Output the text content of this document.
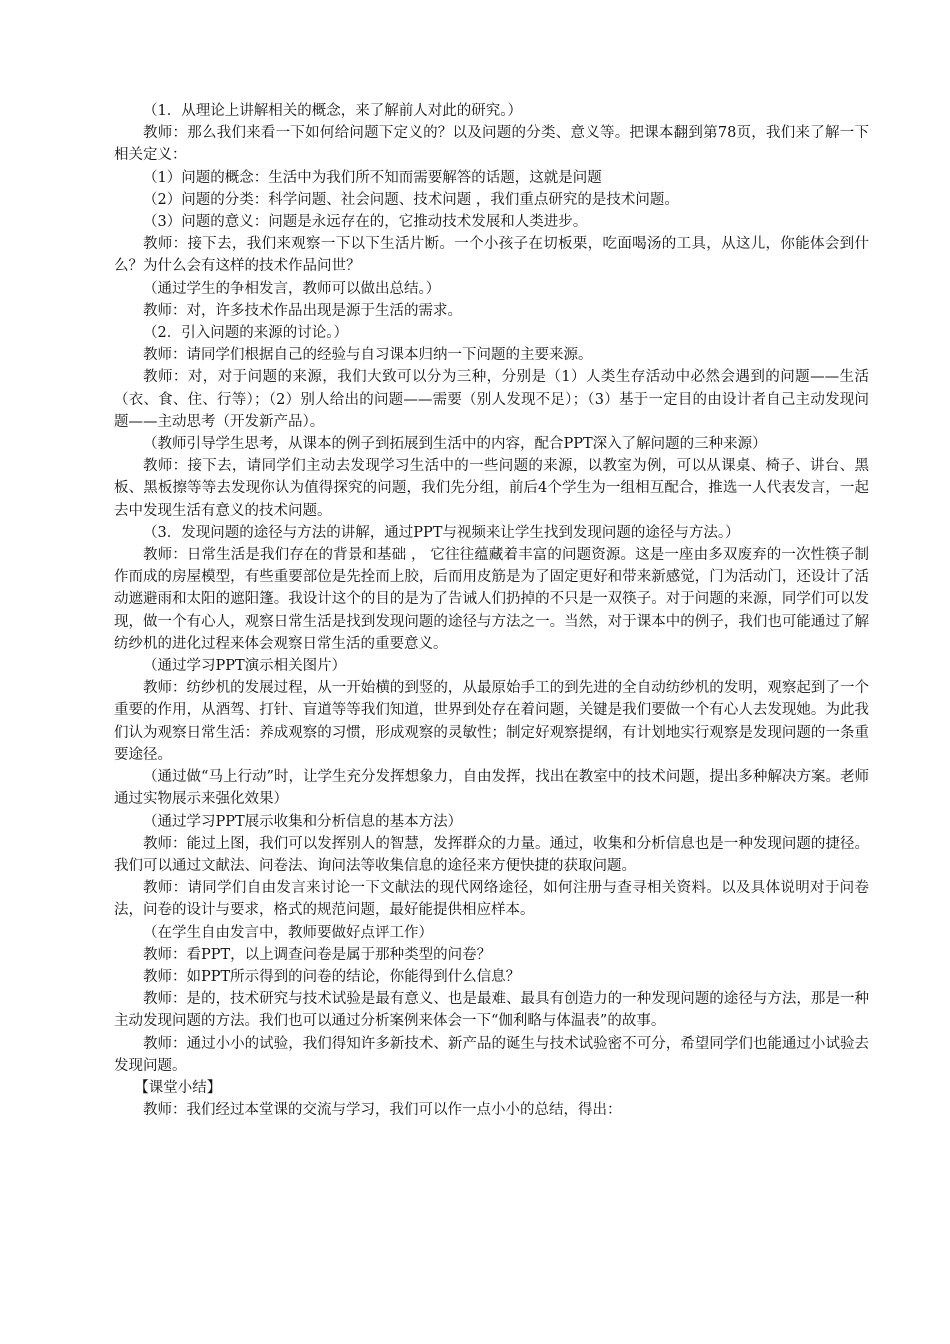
（1．从理论上讲解相关的概念，来了解前人对此的研究。）

教师：那么我们来看一下如何给问题下定义的？以及问题的分类、意义等。把课本翻到第78页，我们来了解一下相关定义：

（1）问题的概念：生活中为我们所不知而需要解答的话题，这就是问题

（2）问题的分类：科学问题、社会问题、技术问题 ，我们重点研究的是技术问题。

（3）问题的意义：问题是永远存在的，它推动技术发展和人类进步。

教师：接下去，我们来观察一下以下生活片断。一个小孩子在切板栗，吃面喝汤的工具，从这儿，你能体会到什么？为什么会有这样的技术作品问世？

（通过学生的争相发言，教师可以做出总结。）

教师：对，许多技术作品出现是源于生活的需求。

（2．引入问题的来源的讨论。）

教师：请同学们根据自己的经验与自习课本归纳一下问题的主要来源。

教师：对，对于问题的来源，我们大致可以分为三种，分别是（1）人类生存活动中必然会遇到的问题——生活（衣、食、住、行等）；（2）别人给出的问题——需要（别人发现不足）；（3）基于一定目的由设计者自己主动发现问题——主动思考（开发新产品）。

（教师引导学生思考，从课本的例子到拓展到生活中的内容，配合PPT深入了解问题的三种来源）

教师：接下去，请同学们主动去发现学习生活中的一些问题的来源，以教室为例，可以从课桌、椅子、讲台、黑板、黑板擦等等去发现你认为值得探究的问题，我们先分组，前后4个学生为一组相互配合，推选一人代表发言，一起去中发现生活有意义的技术问题。

（3．发现问题的途径与方法的讲解，通过PPT与视频来让学生找到发现问题的途径与方法。）

教师：日常生活是我们存在的背景和基础 ， 它往往蕴藏着丰富的问题资源。这是一座由多双废弃的一次性筷子制作而成的房屋模型，有些重要部位是先拴而上胶，后而用皮筋是为了固定更好和带来新感觉，门为活动门，还设计了活动遮避雨和太阳的遮阳篷。我设计这个的目的是为了告诫人们扔掉的不只是一双筷子。对于问题的来源，同学们可以发现，做一个有心人，观察日常生活是找到发现问题的途径与方法之一。当然，对于课本中的例子，我们也可能通过了解纺纱机的进化过程来体会观察日常生活的重要意义。

（通过学习PPT演示相关图片）

教师：纺纱机的发展过程，从一开始横的到竖的，从最原始手工的到先进的全自动纺纱机的发明，观察起到了一个重要的作用，从酒驾、打针、盲道等等我们知道，世界到处存在着问题，关键是我们要做一个有心人去发现她。为此我们认为观察日常生活：养成观察的习惯，形成观察的灵敏性；制定好观察提纲，有计划地实行观察是发现问题的一条重要途径。

（通过做“马上行动”时，让学生充分发挥想象力，自由发挥，找出在教室中的技术问题，提出多种解决方案。老师通过实物展示来强化效果）

（通过学习PPT展示收集和分析信息的基本方法）

教师：能过上图，我们可以发挥别人的智慧，发挥群众的力量。通过，收集和分析信息也是一种发现问题的捷径。我们可以通过文献法、问卷法、询问法等收集信息的途径来方便快捷的获取问题。

教师：请同学们自由发言来讨论一下文献法的现代网络途径，如何注册与查寻相关资料。以及具体说明对于问卷法，问卷的设计与要求，格式的规范问题，最好能提供相应样本。

（在学生自由发言中，教师要做好点评工作）

教师：看PPT，以上调查问卷是属于那种类型的问卷？

教师：如PPT所示得到的问卷的结论，你能得到什么信息？

教师：是的，技术研究与技术试验是最有意义、也是最难、最具有创造力的一种发现问题的途径与方法，那是一种主动发现问题的方法。我们也可以通过分析案例来体会一下“伽利略与体温表”的故事。

教师：通过小小的试验，我们得知许多新技术、新产品的诞生与技术试验密不可分，希望同学们也能通过小试验去发现问题。

【课堂小结】

教师：我们经过本堂课的交流与学习，我们可以作一点小小的总结，得出：
